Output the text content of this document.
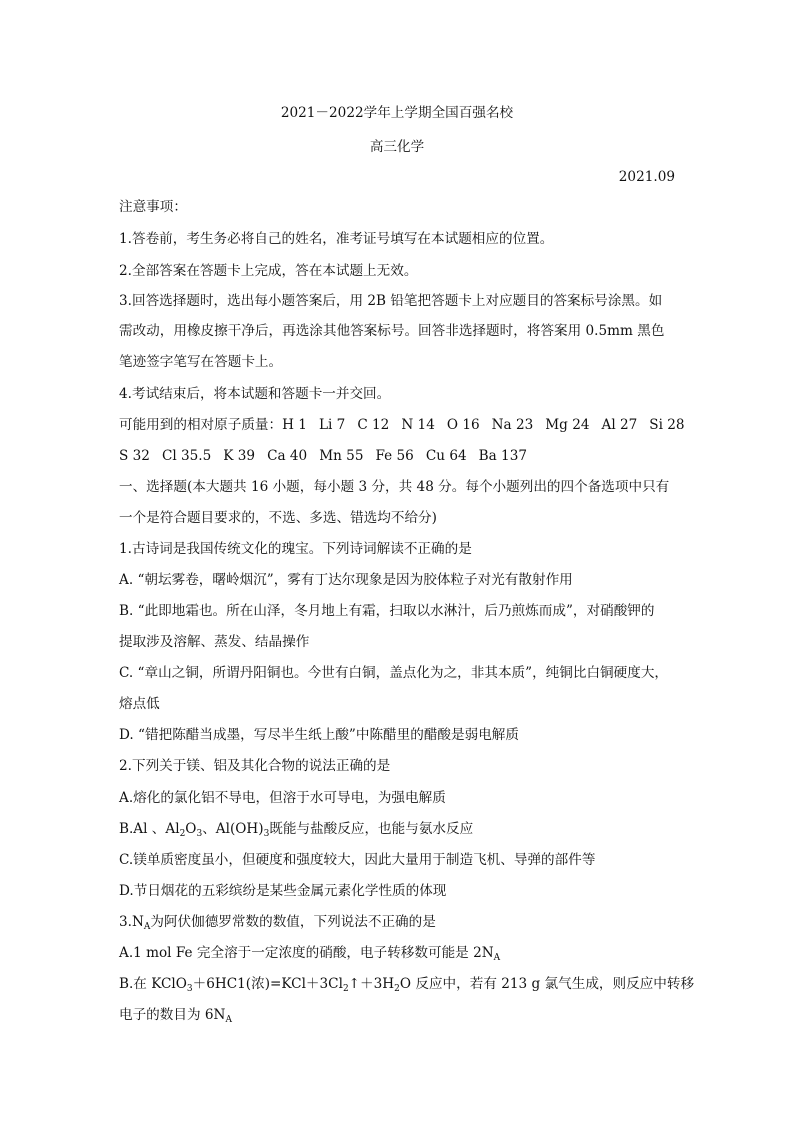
2021－2022学年上学期全国百强名校
高三化学
2021.09
注意事项：
1.答卷前，考生务必将自己的姓名，准考证号填写在本试题相应的位置。
2.全部答案在答题卡上完成，答在本试题上无效。
3.回答选择题时，选出每小题答案后，用 2B 铅笔把答题卡上对应题目的答案标号涂黑。如
需改动，用橡皮擦干净后，再选涂其他答案标号。回答非选择题时，将答案用 0.5mm 黑色
笔迹签字笔写在答题卡上。
4.考试结束后，将本试题和答题卡一并交回。
可能用到的相对原子质量：H 1 Li 7 C 12 N 14 O 16 Na 23 Mg 24 Al 27 Si 28
S 32 Cl 35.5 K 39 Ca 40 Mn 55 Fe 56 Cu 64 Ba 137
一、选择题(本大题共 16 小题，每小题 3 分，共 48 分。每个小题列出的四个备选项中只有
一个是符合题目要求的，不选、多选、错选均不给分)
1.古诗词是我国传统文化的瑰宝。下列诗词解读不正确的是
A. “朝坛雾卷，曙岭烟沉”，雾有丁达尔现象是因为胶体粒子对光有散射作用
B. “此即地霜也。所在山泽，冬月地上有霜，扫取以水淋汁，后乃煎炼而成”，对硝酸钾的
提取涉及溶解、蒸发、结晶操作
C. “章山之铜，所谓丹阳铜也。今世有白铜，盖点化为之，非其本质”，纯铜比白铜硬度大，
熔点低
D. “错把陈醋当成墨，写尽半生纸上酸”中陈醋里的醋酸是弱电解质
2.下列关于镁、铝及其化合物的说法正确的是
A.熔化的氯化铝不导电，但溶于水可导电，为强电解质
B.Al 、$Al_2O_3$、$Al(OH)_3$既能与盐酸反应，也能与氨水反应
C.镁单质密度虽小，但硬度和强度较大，因此大量用于制造飞机、导弹的部件等
D.节日烟花的五彩缤纷是某些金属元素化学性质的体现
$3.N_A$为阿伏伽德罗常数的数值，下列说法不正确的是
A.1 mol Fe 完全溶于一定浓度的硝酸，电子转移数可能是 $2N_A$
B.在 KClO$_3$＋6HC1(浓)$=KCl+3Cl_2↑+3H_2O$ 反应中，若有 213 g 氯气生成，则反应中转移
电子的数目为 $6N_A$
